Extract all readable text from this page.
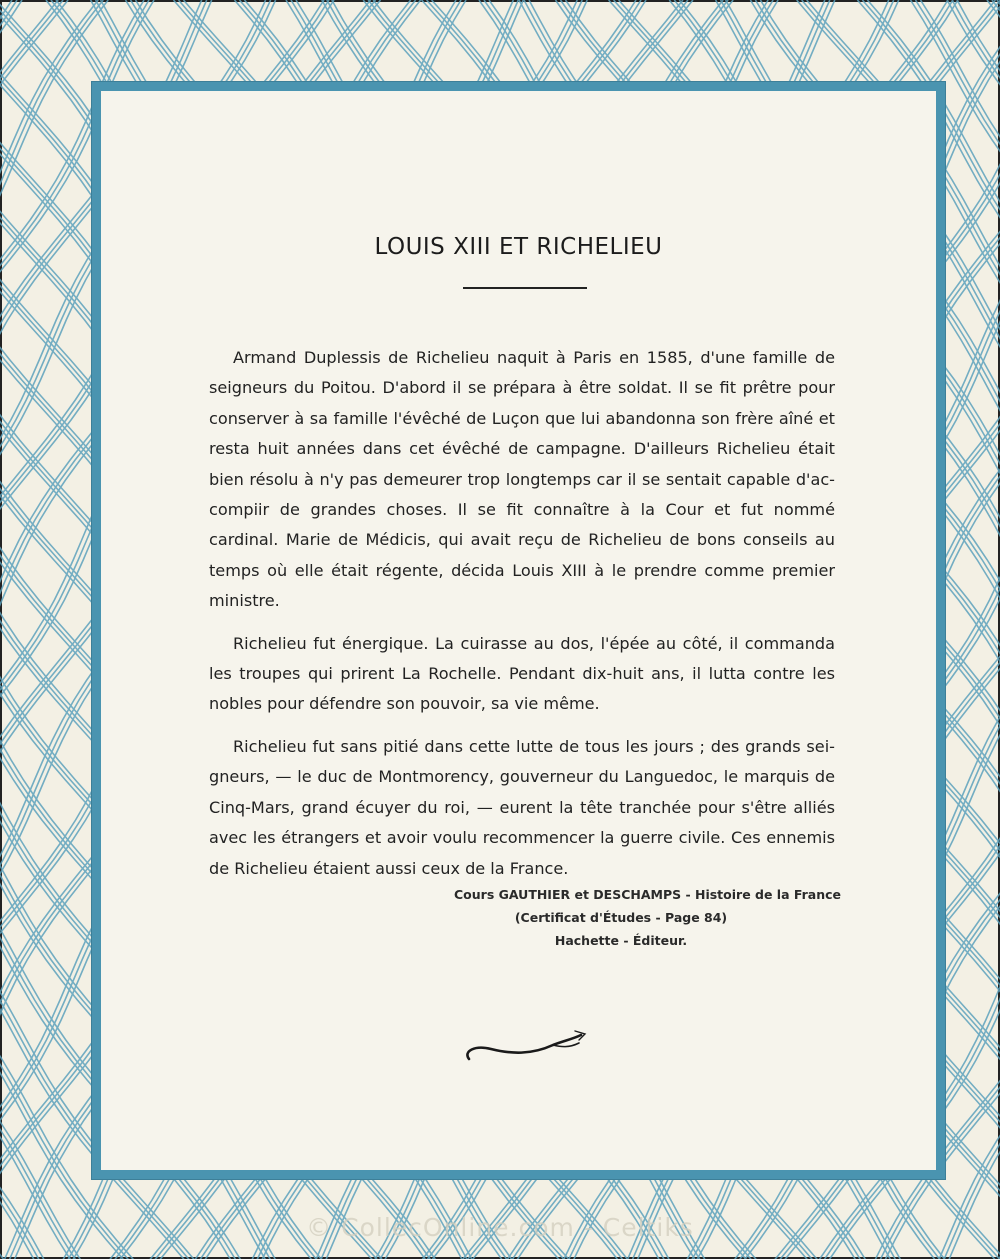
LOUIS XIII ET RICHELIEU

Armand Duplessis de Richelieu naquit à Paris en 1585, d'une famille de seigneurs du Poitou. D'abord il se prépara à être soldat. Il se fit prêtre pour conserver à sa famille l'évêché de Luçon que lui abandonna son frère aîné et resta huit années dans cet évêché de campagne. D'ailleurs Richelieu était bien résolu à n'y pas demeurer trop longtemps car il se sentait capable d'ac-compiir de grandes choses. Il se fit connaître à la Cour et fut nommé cardinal. Marie de Médicis, qui avait reçu de Richelieu de bons conseils au temps où elle était régente, décida Louis XIII à le prendre comme premier ministre.

Richelieu fut énergique. La cuirasse au dos, l'épée au côté, il commanda les troupes qui prirent La Rochelle. Pendant dix-huit ans, il lutta contre les nobles pour défendre son pouvoir, sa vie même.

Richelieu fut sans pitié dans cette lutte de tous les jours ; des grands sei-gneurs, — le duc de Montmorency, gouverneur du Languedoc, le marquis de Cinq-Mars, grand écuyer du roi, — eurent la tête tranchée pour s'être alliés avec les étrangers et avoir voulu recommencer la guerre civile. Ces ennemis de Richelieu étaient aussi ceux de la France.

Cours GAUTHIER et DESCHAMPS - Histoire de la France
(Certificat d'Études - Page 84)
Hachette - Éditeur.
© CollecOnline.com - Celtiks
